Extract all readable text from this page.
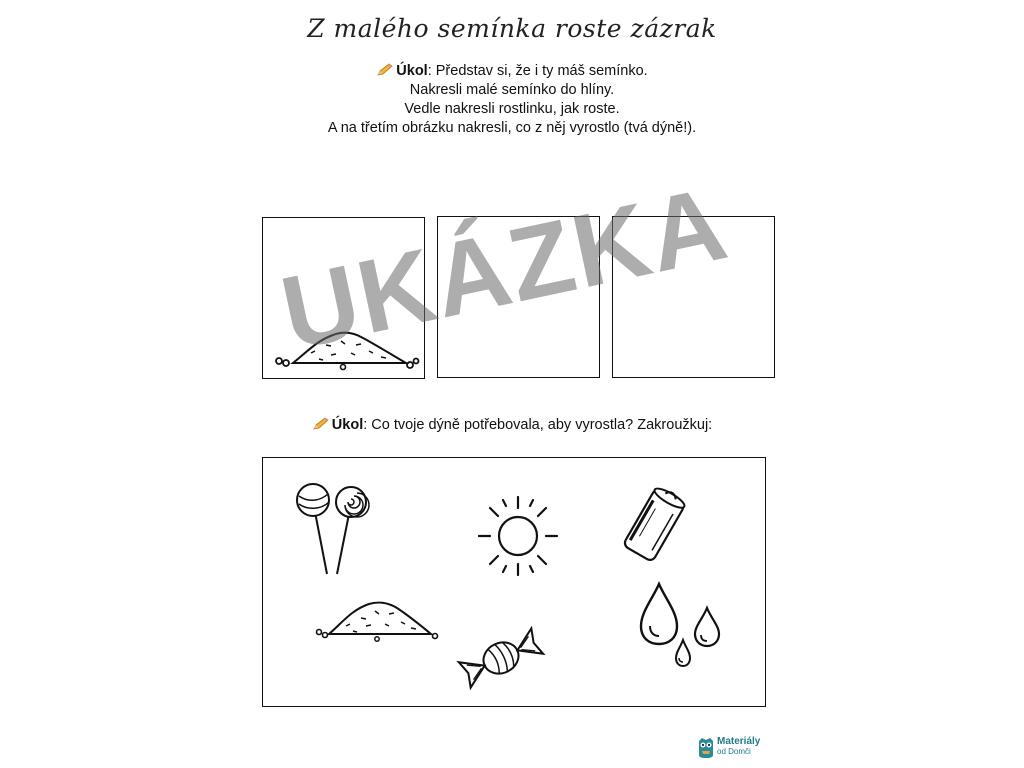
Z malého semínka roste zázrak
Úkol: Představ si, že i ty máš semínko.
Nakresli malé semínko do hlíny.
Vedle nakresli rostlinku, jak roste.
A na třetím obrázku nakresli, co z něj vyrostlo (tvá dýně!).
Úkol: Co tvoje dýně potřebovala, aby vyrostla? Zakroužkuj:
UKÁZKA
Materiály
od Domči
